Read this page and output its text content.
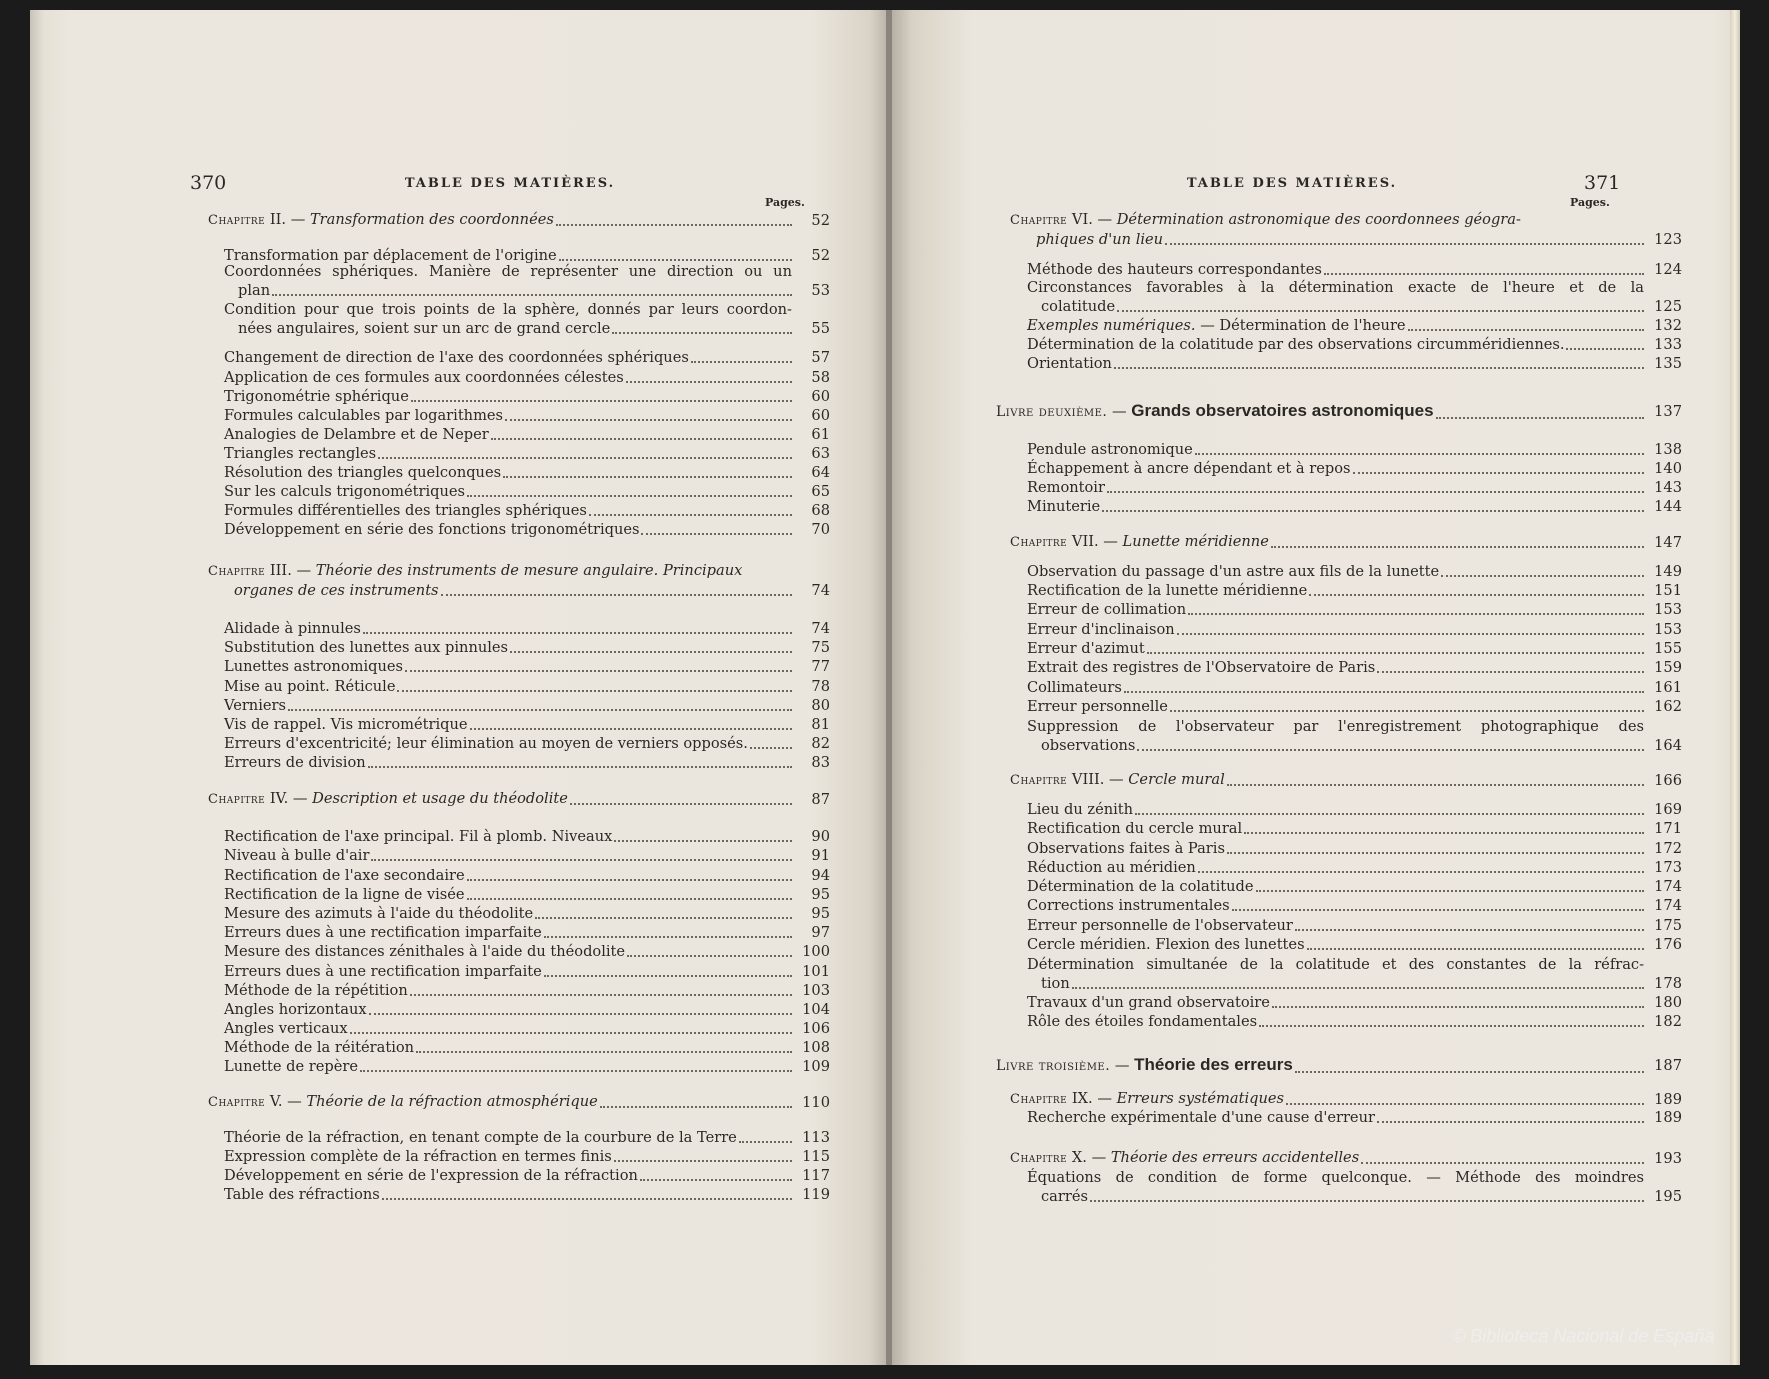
370	TABLE DES MATIÈRES.
Pages.
Chapitre II. — Transformation des coordonnées	52
Transformation par déplacement de l'origine	52
Coordonnées sphériques. Manière de représenter une direction ou un
plan	53
Condition pour que trois points de la sphère, donnés par leurs coordon-
nées angulaires, soient sur un arc de grand cercle	55
Changement de direction de l'axe des coordonnées sphériques	57
Application de ces formules aux coordonnées célestes	58
Trigonométrie sphérique	60
Formules calculables par logarithmes	60
Analogies de Delambre et de Neper	61
Triangles rectangles	63
Résolution des triangles quelconques	64
Sur les calculs trigonométriques	65
Formules différentielles des triangles sphériques	68
Développement en série des fonctions trigonométriques	70
Chapitre III. — Théorie des instruments de mesure angulaire. Principaux
organes de ces instruments	74
Alidade à pinnules	74
Substitution des lunettes aux pinnules	75
Lunettes astronomiques	77
Mise au point. Réticule	78
Verniers	80
Vis de rappel. Vis micrométrique	81
Erreurs d'excentricité; leur élimination au moyen de verniers opposés.	82
Erreurs de division	83
Chapitre IV. — Description et usage du théodolite	87
Rectification de l'axe principal. Fil à plomb. Niveaux	90
Niveau à bulle d'air	91
Rectification de l'axe secondaire	94
Rectification de la ligne de visée	95
Mesure des azimuts à l'aide du théodolite	95
Erreurs dues à une rectification imparfaite	97
Mesure des distances zénithales à l'aide du théodolite	100
Erreurs dues à une rectification imparfaite	101
Méthode de la répétition	103
Angles horizontaux	104
Angles verticaux	106
Méthode de la réitération	108
Lunette de repère	109
Chapitre V. — Théorie de la réfraction atmosphérique	110
Théorie de la réfraction, en tenant compte de la courbure de la Terre	113
Expression complète de la réfraction en termes finis	115
Développement en série de l'expression de la réfraction	117
Table des réfractions	119
TABLE DES MATIÈRES.	371
Pages.
Chapitre VI. — Détermination astronomique des coordonnees géogra-
phiques d'un lieu	123
Méthode des hauteurs correspondantes	124
Circonstances favorables à la détermination exacte de l'heure et de la
colatitude	125
Exemples numériques. — Détermination de l'heure	132
Détermination de la colatitude par des observations circumméridiennes.	133
Orientation	135
Livre deuxième. — Grands observatoires astronomiques	137
Pendule astronomique	138
Échappement à ancre dépendant et à repos	140
Remontoir	143
Minuterie	144
Chapitre VII. — Lunette méridienne	147
Observation du passage d'un astre aux fils de la lunette	149
Rectification de la lunette méridienne	151
Erreur de collimation	153
Erreur d'inclinaison	153
Erreur d'azimut	155
Extrait des registres de l'Observatoire de Paris	159
Collimateurs	161
Erreur personnelle	162
Suppression de l'observateur par l'enregistrement photographique des
observations	164
Chapitre VIII. — Cercle mural	166
Lieu du zénith	169
Rectification du cercle mural	171
Observations faites à Paris	172
Réduction au méridien	173
Détermination de la colatitude	174
Corrections instrumentales	174
Erreur personnelle de l'observateur	175
Cercle méridien. Flexion des lunettes	176
Détermination simultanée de la colatitude et des constantes de la réfrac-
tion	178
Travaux d'un grand observatoire	180
Rôle des étoiles fondamentales	182
Livre troisième. — Théorie des erreurs	187
Chapitre IX. — Erreurs systématiques	189
Recherche expérimentale d'une cause d'erreur	189
Chapitre X. — Théorie des erreurs accidentelles	193
Équations de condition de forme quelconque. — Méthode des moindres
carrés	195
© Biblioteca Nacional de España
